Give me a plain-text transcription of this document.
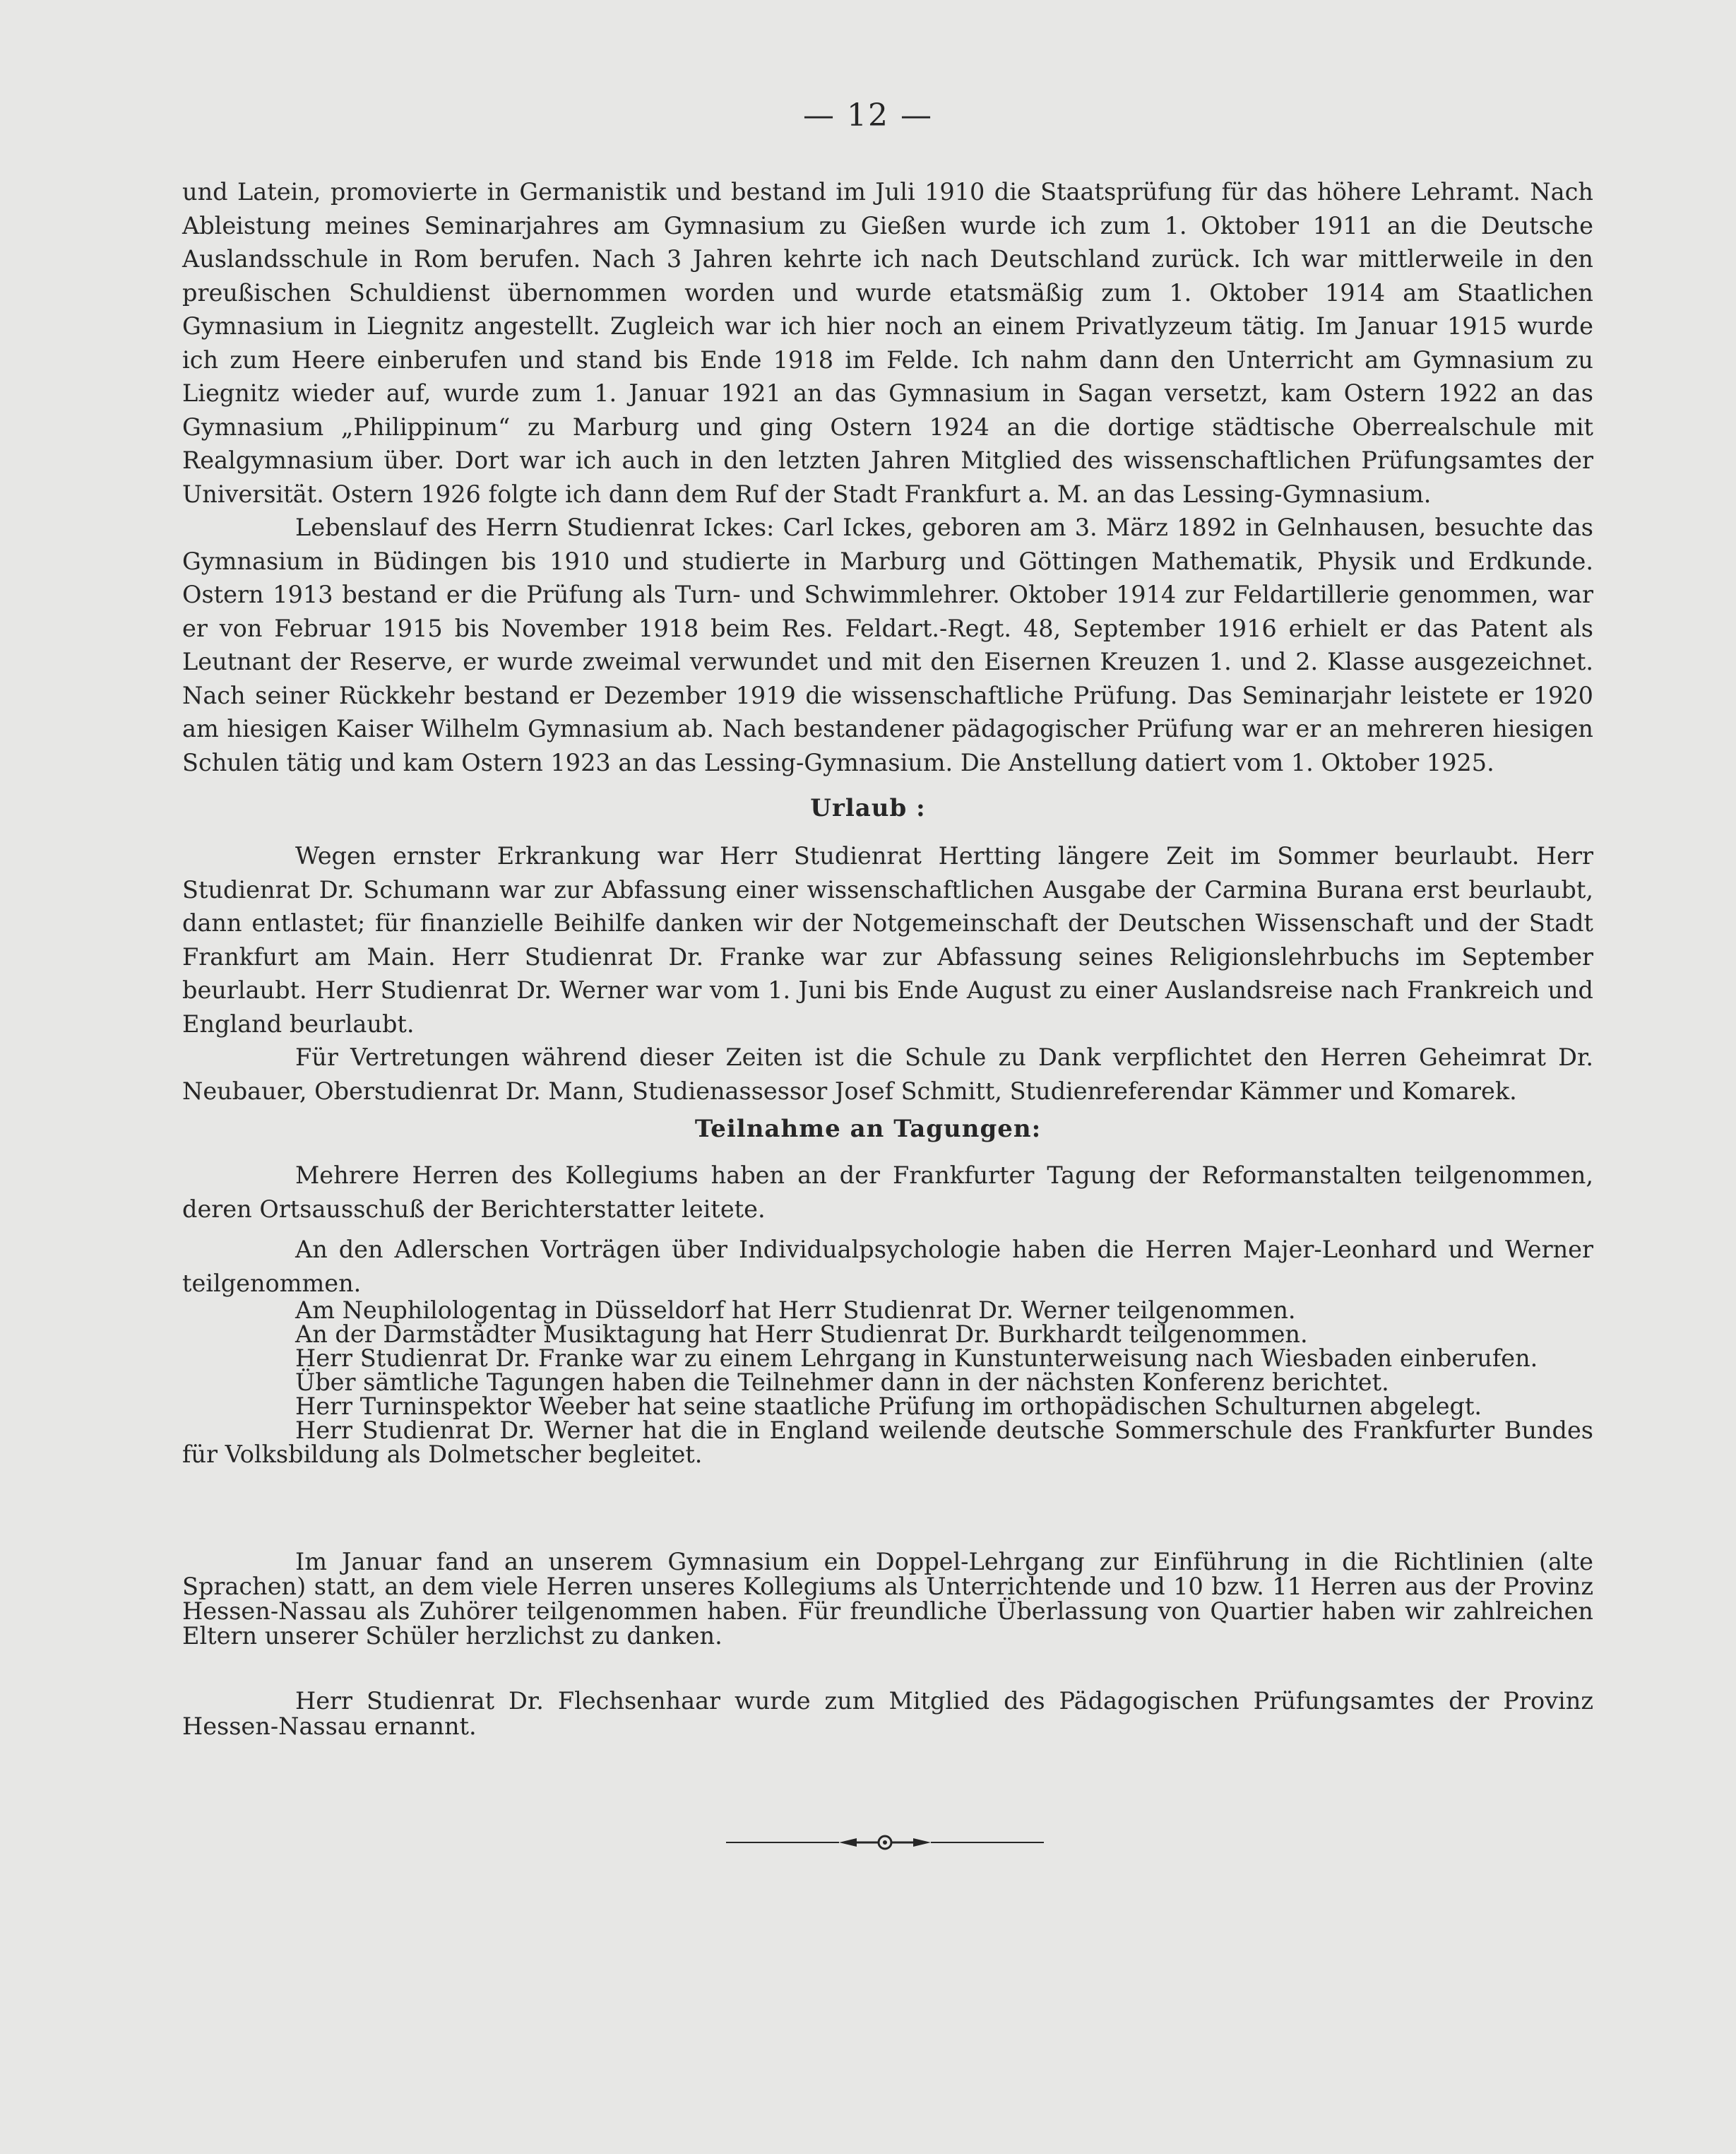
— 12 —

und Latein, promovierte in Germanistik und bestand im Juli 1910 die Staatsprüfung für das höhere Lehramt. Nach Ableistung meines Seminarjahres am Gymnasium zu Gießen wurde ich zum 1. Oktober 1911 an die Deutsche Auslandsschule in Rom berufen. Nach 3 Jahren kehrte ich nach Deutschland zurück. Ich war mittlerweile in den preußischen Schuldienst übernommen worden und wurde etatsmäßig zum 1. Oktober 1914 am Staatlichen Gymnasium in Liegnitz angestellt. Zugleich war ich hier noch an einem Privatlyzeum tätig. Im Januar 1915 wurde ich zum Heere einberufen und stand bis Ende 1918 im Felde. Ich nahm dann den Unterricht am Gymnasium zu Liegnitz wieder auf, wurde zum 1. Januar 1921 an das Gymnasium in Sagan versetzt, kam Ostern 1922 an das Gymnasium „Philippinum“ zu Marburg und ging Ostern 1924 an die dortige städtische Oberrealschule mit Realgymnasium über. Dort war ich auch in den letzten Jahren Mitglied des wissenschaftlichen Prüfungsamtes der Universität. Ostern 1926 folgte ich dann dem Ruf der Stadt Frankfurt a. M. an das Lessing-Gymnasium.

Lebenslauf des Herrn Studienrat Ickes: Carl Ickes, geboren am 3. März 1892 in Gelnhausen, besuchte das Gymnasium in Büdingen bis 1910 und studierte in Marburg und Göttingen Mathematik, Physik und Erdkunde. Ostern 1913 bestand er die Prüfung als Turn- und Schwimmlehrer. Oktober 1914 zur Feldartillerie genommen, war er von Februar 1915 bis November 1918 beim Res. Feldart.-Regt. 48, September 1916 erhielt er das Patent als Leutnant der Reserve, er wurde zweimal verwundet und mit den Eisernen Kreuzen 1. und 2. Klasse ausgezeichnet. Nach seiner Rückkehr bestand er Dezember 1919 die wissenschaftliche Prüfung. Das Seminarjahr leistete er 1920 am hiesigen Kaiser Wilhelm Gymnasium ab. Nach bestandener pädagogischer Prüfung war er an mehreren hiesigen Schulen tätig und kam Ostern 1923 an das Lessing-Gymnasium. Die Anstellung datiert vom 1. Oktober 1925.

Urlaub :

Wegen ernster Erkrankung war Herr Studienrat Hertting längere Zeit im Sommer beurlaubt. Herr Studienrat Dr. Schumann war zur Abfassung einer wissenschaftlichen Ausgabe der Carmina Burana erst beurlaubt, dann entlastet; für finanzielle Beihilfe danken wir der Notgemeinschaft der Deutschen Wissenschaft und der Stadt Frankfurt am Main. Herr Studienrat Dr. Franke war zur Abfassung seines Religionslehrbuchs im September beurlaubt. Herr Studienrat Dr. Werner war vom 1. Juni bis Ende August zu einer Auslandsreise nach Frankreich und England beurlaubt.

Für Vertretungen während dieser Zeiten ist die Schule zu Dank verpflichtet den Herren Geheimrat Dr. Neubauer, Oberstudienrat Dr. Mann, Studienassessor Josef Schmitt, Studienreferendar Kämmer und Komarek.

Teilnahme an Tagungen:

Mehrere Herren des Kollegiums haben an der Frankfurter Tagung der Reformanstalten teilgenommen, deren Ortsausschuß der Berichterstatter leitete.

An den Adlerschen Vorträgen über Individualpsychologie haben die Herren Majer-Leonhard und Werner teilgenommen.

Am Neuphilologentag in Düsseldorf hat Herr Studienrat Dr. Werner teilgenommen.

An der Darmstädter Musiktagung hat Herr Studienrat Dr. Burkhardt teilgenommen.

Herr Studienrat Dr. Franke war zu einem Lehrgang in Kunstunterweisung nach Wiesbaden einberufen.

Über sämtliche Tagungen haben die Teilnehmer dann in der nächsten Konferenz berichtet.

Herr Turninspektor Weeber hat seine staatliche Prüfung im orthopädischen Schulturnen abgelegt.

Herr Studienrat Dr. Werner hat die in England weilende deutsche Sommerschule des Frankfurter Bundes für Volksbildung als Dolmetscher begleitet.

Im Januar fand an unserem Gymnasium ein Doppel-Lehrgang zur Einführung in die Richtlinien (alte Sprachen) statt, an dem viele Herren unseres Kollegiums als Unterrichtende und 10 bzw. 11 Herren aus der Provinz Hessen-Nassau als Zuhörer teilgenommen haben. Für freundliche Überlassung von Quartier haben wir zahlreichen Eltern unserer Schüler herzlichst zu danken.

Herr Studienrat Dr. Flechsenhaar wurde zum Mitglied des Pädagogischen Prüfungsamtes der Provinz Hessen-Nassau ernannt.
